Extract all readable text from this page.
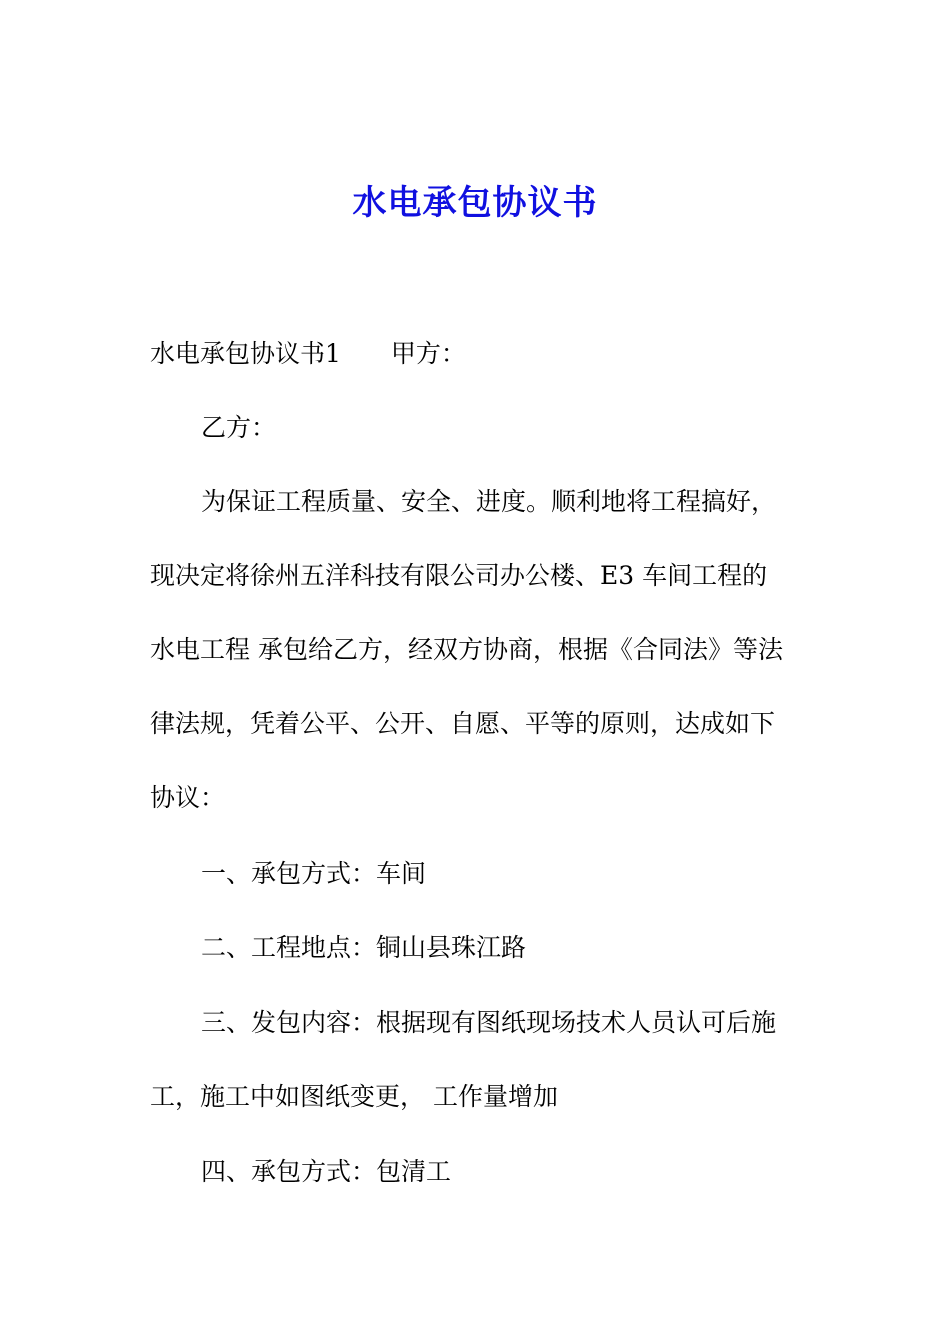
水电承包协议书
水电承包协议书1 甲方：
乙方：
为保证工程质量、安全、进度。顺利地将工程搞好，
现决定将徐州五洋科技有限公司办公楼、E3 车间工程的
水电工程 承包给乙方，经双方协商，根据《合同法》等法
律法规，凭着公平、公开、自愿、平等的原则，达成如下
协议：
一、承包方式：车间
二、工程地点：铜山县珠江路
三、发包内容：根据现有图纸现场技术人员认可后施
工，施工中如图纸变更， 工作量增加
四、承包方式：包清工
